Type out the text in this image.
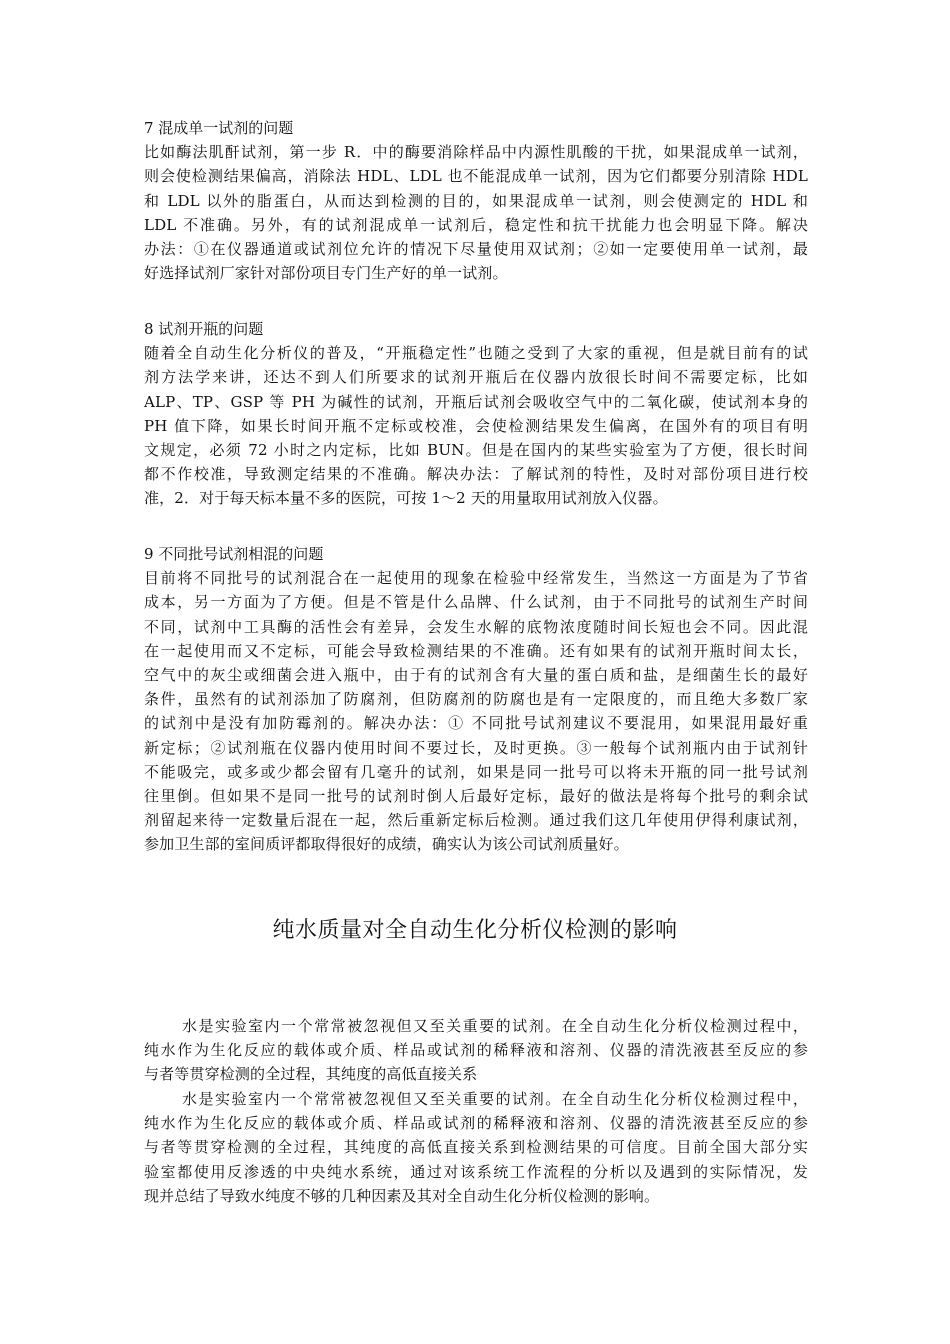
7 混成单一试剂的问题
比如酶法肌酐试剂，第一步 R．中的酶要消除样品中内源性肌酸的干扰，如果混成单一试剂，
则会使检测结果偏高，消除法 HDL、LDL 也不能混成单一试剂，因为它们都要分别清除 HDL
和 LDL 以外的脂蛋白，从而达到检测的目的，如果混成单一试剂，则会使测定的 HDL 和
LDL 不准确。另外，有的试剂混成单一试剂后，稳定性和抗干扰能力也会明显下降。解决
办法：①在仪器通道或试剂位允许的情况下尽量使用双试剂；②如一定要使用单一试剂，最
好选择试剂厂家针对部份项目专门生产好的单一试剂。
8 试剂开瓶的问题
随着全自动生化分析仪的普及，“开瓶稳定性”也随之受到了大家的重视，但是就目前有的试
剂方法学来讲，还达不到人们所要求的试剂开瓶后在仪器内放很长时间不需要定标，比如
ALP、TP、GSP 等 PH 为碱性的试剂，开瓶后试剂会吸收空气中的二氧化碳，使试剂本身的
PH 值下降，如果长时间开瓶不定标或校准，会使检测结果发生偏离，在国外有的项目有明
文规定，必须 72 小时之内定标，比如 BUN。但是在国内的某些实验室为了方便，很长时间
都不作校准，导致测定结果的不准确。解决办法：了解试剂的特性，及时对部份项目进行校
准，2．对于每天标本量不多的医院，可按 1～2 天的用量取用试剂放入仪器。
9 不同批号试剂相混的问题
目前将不同批号的试剂混合在一起使用的现象在检验中经常发生，当然这一方面是为了节省
成本，另一方面为了方便。但是不管是什么品牌、什么试剂，由于不同批号的试剂生产时间
不同，试剂中工具酶的活性会有差异，会发生水解的底物浓度随时间长短也会不同。因此混
在一起使用而又不定标，可能会导致检测结果的不准确。还有如果有的试剂开瓶时间太长，
空气中的灰尘或细菌会进入瓶中，由于有的试剂含有大量的蛋白质和盐，是细菌生长的最好
条件，虽然有的试剂添加了防腐剂，但防腐剂的防腐也是有一定限度的，而且绝大多数厂家
的试剂中是没有加防霉剂的。解决办法：① 不同批号试剂建议不要混用，如果混用最好重
新定标；②试剂瓶在仪器内使用时间不要过长，及时更换。③一般每个试剂瓶内由于试剂针
不能吸完，或多或少都会留有几毫升的试剂，如果是同一批号可以将未开瓶的同一批号试剂
往里倒。但如果不是同一批号的试剂时倒人后最好定标，最好的做法是将每个批号的剩余试
剂留起来待一定数量后混在一起，然后重新定标后检测。通过我们这几年使用伊得利康试剂，
参加卫生部的室间质评都取得很好的成绩，确实认为该公司试剂质量好。
纯水质量对全自动生化分析仪检测的影响
水是实验室内一个常常被忽视但又至关重要的试剂。在全自动生化分析仪检测过程中，
纯水作为生化反应的载体或介质、样品或试剂的稀释液和溶剂、仪器的清洗液甚至反应的参
与者等贯穿检测的全过程，其纯度的高低直接关系
水是实验室内一个常常被忽视但又至关重要的试剂。在全自动生化分析仪检测过程中，
纯水作为生化反应的载体或介质、样品或试剂的稀释液和溶剂、仪器的清洗液甚至反应的参
与者等贯穿检测的全过程，其纯度的高低直接关系到检测结果的可信度。目前全国大部分实
验室都使用反渗透的中央纯水系统，通过对该系统工作流程的分析以及遇到的实际情况，发
现并总结了导致水纯度不够的几种因素及其对全自动生化分析仪检测的影响。
